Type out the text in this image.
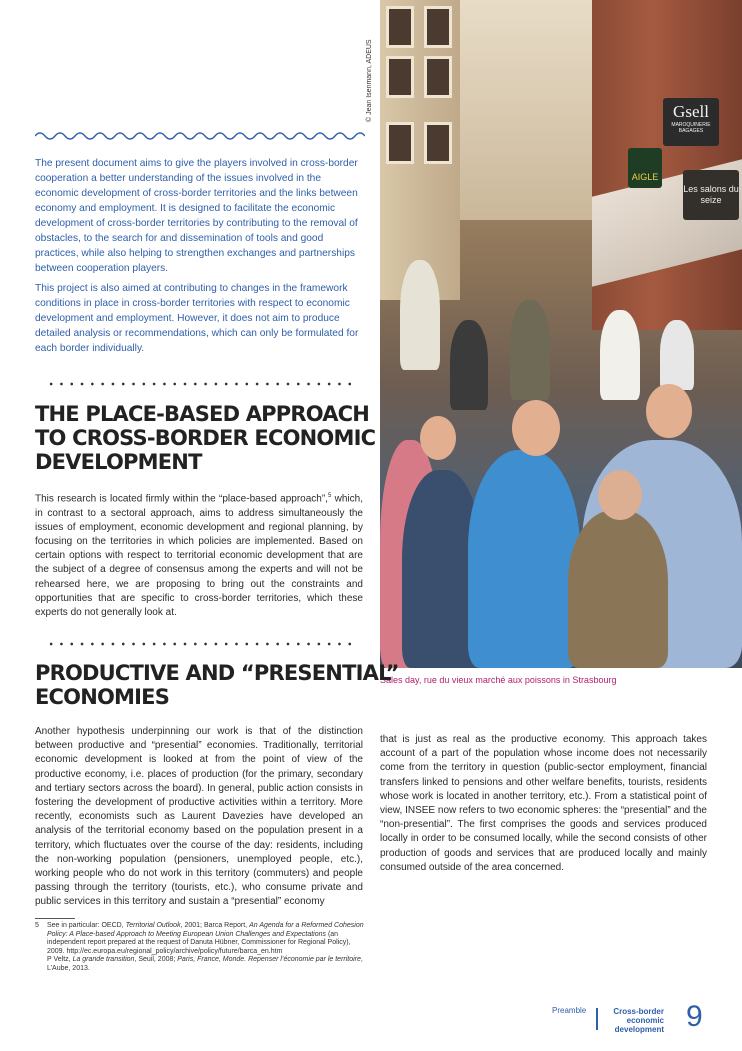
Gsell
MAROQUINERIE BAGAGES
AIGLE
Les salons du seize
© Jean Isenmann, ADEUS
Sales day, rue du vieux marché aux poissons in Strasbourg

The present document aims to give the players involved in cross-border cooperation a better understanding of the issues involved in the economic development of cross-border territories and the links between economy and employment. It is designed to facilitate the economic development of cross-border territories by contributing to the removal of obstacles, to the search for and dissemination of tools and good practices, while also helping to strengthen exchanges and partnerships between cooperation players.

This project is also aimed at contributing to changes in the framework conditions in place in cross-border territories with respect to economic development and employment. However, it does not aim to produce detailed analysis or recommendations, which can only be formulated for each border individually.

THE PLACE-BASED APPROACH
TO CROSS-BORDER ECONOMIC
DEVELOPMENT

This research is located firmly within the “place-based approach”,$^5$ which, in contrast to a sectoral approach, aims to address simultaneously the issues of employment, economic development and regional planning, by focusing on the territories in which policies are implemented. Based on certain options with respect to territorial economic development that are the subject of a degree of consensus among the experts and will not be rehearsed here, we are proposing to bring out the constraints and opportunities that are specific to cross-border territories, which these experts do not generally look at.

PRODUCTIVE AND “PRESENTIAL”
ECONOMIES

Another hypothesis underpinning our work is that of the distinction between productive and “presential” economies. Traditionally, territorial economic development is looked at from the point of view of the productive economy, i.e. places of production (for the primary, secondary and tertiary sectors across the board). In general, public action consists in fostering the development of productive activities within a territory. More recently, economists such as Laurent Davezies have developed an analysis of the territorial economy based on the population present in a territory, which fluctuates over the course of the day: residents, including the non-working population (pensioners, unemployed people, etc.), working people who do not work in this territory (commuters) and people passing through the territory (tourists, etc.), who consume private and public services in this territory and sustain a “presential” economy

that is just as real as the productive economy. This approach takes account of a part of the population whose income does not necessarily come from the territory in question (public-sector employment, financial transfers linked to pensions and other welfare benefits, tourists, residents whose work is located in another territory, etc.). From a statistical point of view, INSEE now refers to two economic spheres: the “presential” and the “non-presential”. The first comprises the goods and services produced locally in order to be consumed locally, while the second consists of other production of goods and services that are produced locally and mainly consumed outside of the area concerned.

5 See in particular: OECD, Territorial Outlook, 2001; Barca Report, An Agenda for a Reformed Cohesion Policy: A Place-based Approach to Meeting European Union Challenges and Expectations (an independent report prepared at the request of Danuta Hübner, Commissioner for Regional Policy), 2009. http://ec.europa.eu/regional_policy/archive/policy/future/barca_en.htm
P Veltz, La grande transition, Seuil, 2008; Paris, France, Monde. Repenser l’économie par le territoire, L’Aube, 2013.
Preamble	Cross-border
economic
development 9
